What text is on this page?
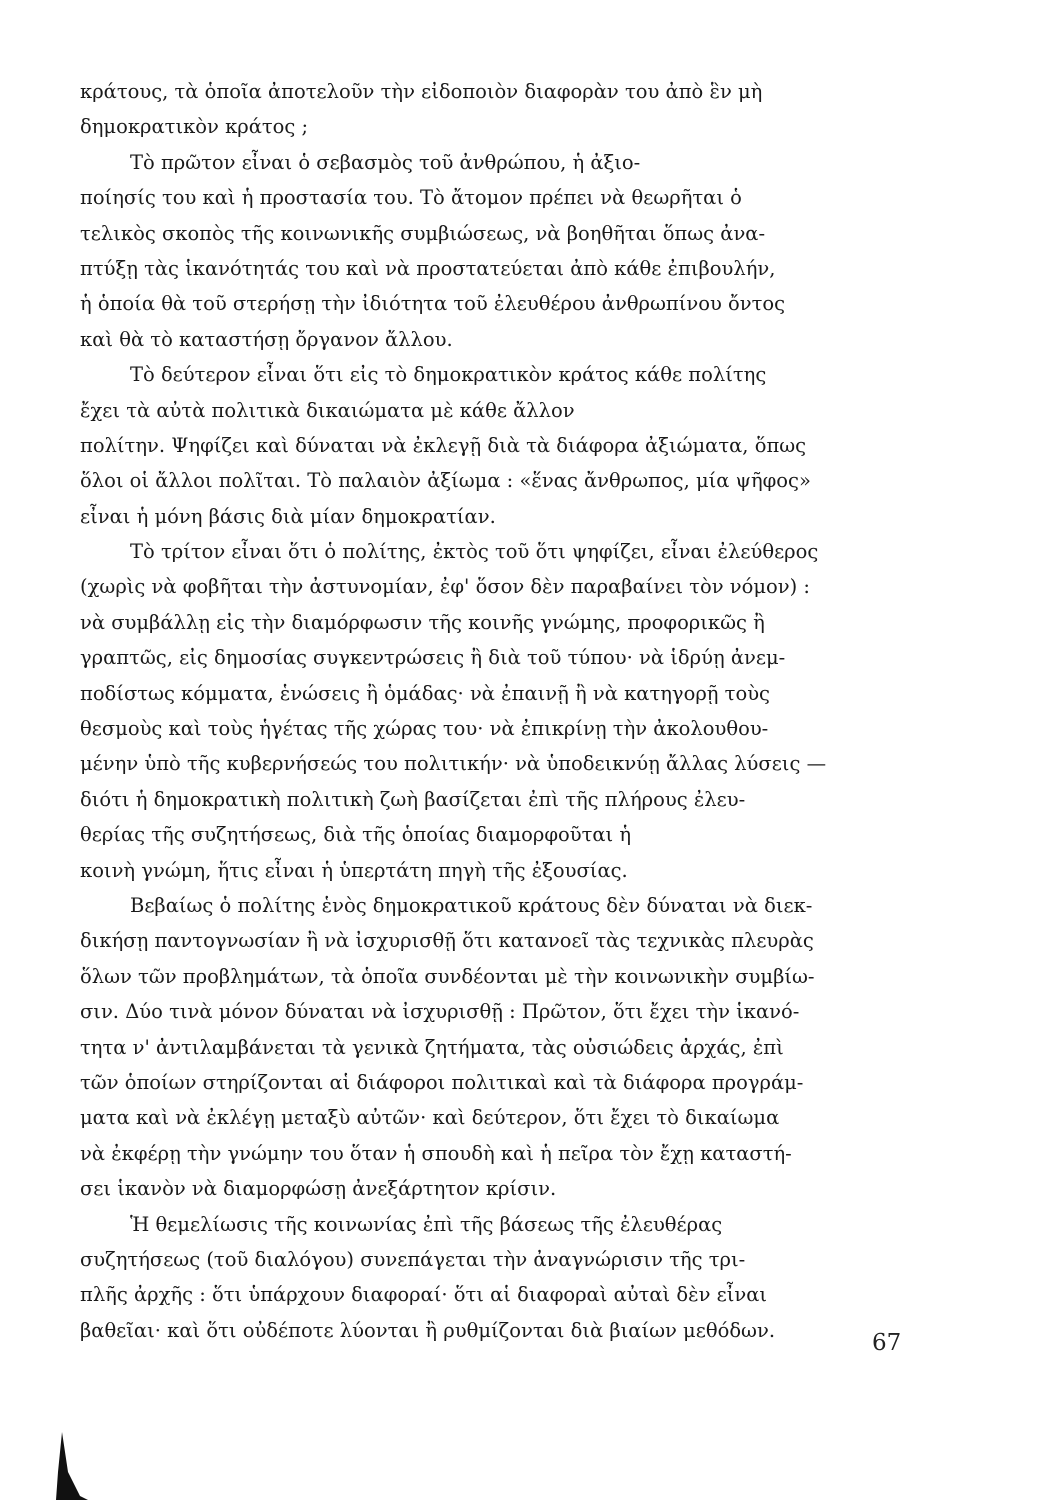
κράτους, τὰ ὁποῖα ἀποτελοῦν τὴν εἰδοποιὸν διαφορὰν του ἀπὸ ἓν μὴ
δημοκρατικὸν κράτος ;
Τὸ πρῶτον εἶναι ὁ σεβασμὸς τοῦ ἀνθρώπου, ἡ ἀξιο-
ποίησίς του καὶ ἡ προστασία του. Τὸ ἄτομον πρέπει νὰ θεωρῆται ὁ
τελικὸς σκοπὸς τῆς κοινωνικῆς συμβιώσεως, νὰ βοηθῆται ὅπως ἀνα-
πτύξῃ τὰς ἱκανότητάς του καὶ νὰ προστατεύεται ἀπὸ κάθε ἐπιβουλήν,
ἡ ὁποία θὰ τοῦ στερήσῃ τὴν ἰδιότητα τοῦ ἐλευθέρου ἀνθρωπίνου ὄντος
καὶ θὰ τὸ καταστήσῃ ὄργανον ἄλλου.
Τὸ δεύτερον εἶναι ὅτι εἰς τὸ δημοκρατικὸν κράτος κάθε πολίτης
ἔχει τὰ αὐτὰ πολιτικὰ δικαιώματα μὲ κάθε ἄλλον
πολίτην. Ψηφίζει καὶ δύναται νὰ ἐκλεγῇ διὰ τὰ διάφορα ἀξιώματα, ὅπως
ὅλοι οἱ ἄλλοι πολῖται. Τὸ παλαιὸν ἀξίωμα : «ἕνας ἄνθρωπος, μία ψῆφος»
εἶναι ἡ μόνη βάσις διὰ μίαν δημοκρατίαν.
Τὸ τρίτον εἶναι ὅτι ὁ πολίτης, ἐκτὸς τοῦ ὅτι ψηφίζει, εἶναι ἐλεύθερος
(χωρὶς νὰ φοβῆται τὴν ἀστυνομίαν, ἐφ' ὅσον δὲν παραβαίνει τὸν νόμον) :
νὰ συμβάλλῃ εἰς τὴν διαμόρφωσιν τῆς κοινῆς γνώμης, προφορικῶς ἢ
γραπτῶς, εἰς δημοσίας συγκεντρώσεις ἢ διὰ τοῦ τύπου· νὰ ἱδρύῃ ἀνεμ-
ποδίστως κόμματα, ἑνώσεις ἢ ὁμάδας· νὰ ἐπαινῇ ἢ νὰ κατηγορῇ τοὺς
θεσμοὺς καὶ τοὺς ἡγέτας τῆς χώρας του· νὰ ἐπικρίνῃ τὴν ἀκολουθου-
μένην ὑπὸ τῆς κυβερνήσεώς του πολιτικήν· νὰ ὑποδεικνύῃ ἄλλας λύσεις —
διότι ἡ δημοκρατικὴ πολιτικὴ ζωὴ βασίζεται ἐπὶ τῆς πλήρους ἐλευ-
θερίας τῆς συζητήσεως, διὰ τῆς ὁποίας διαμορφοῦται ἡ
κοινὴ γνώμη, ἥτις εἶναι ἡ ὑπερτάτη πηγὴ τῆς ἐξουσίας.
Βεβαίως ὁ πολίτης ἑνὸς δημοκρατικοῦ κράτους δὲν δύναται νὰ διεκ-
δικήσῃ παντογνωσίαν ἢ νὰ ἰσχυρισθῇ ὅτι κατανοεῖ τὰς τεχνικὰς πλευρὰς
ὅλων τῶν προβλημάτων, τὰ ὁποῖα συνδέονται μὲ τὴν κοινωνικὴν συμβίω-
σιν. Δύο τινὰ μόνον δύναται νὰ ἰσχυρισθῇ : Πρῶτον, ὅτι ἔχει τὴν ἱκανό-
τητα ν' ἀντιλαμβάνεται τὰ γενικὰ ζητήματα, τὰς οὐσιώδεις ἀρχάς, ἐπὶ
τῶν ὁποίων στηρίζονται αἱ διάφοροι πολιτικαὶ καὶ τὰ διάφορα προγράμ-
ματα καὶ νὰ ἐκλέγῃ μεταξὺ αὐτῶν· καὶ δεύτερον, ὅτι ἔχει τὸ δικαίωμα
νὰ ἐκφέρῃ τὴν γνώμην του ὅταν ἡ σπουδὴ καὶ ἡ πεῖρα τὸν ἔχῃ καταστή-
σει ἱκανὸν νὰ διαμορφώσῃ ἀνεξάρτητον κρίσιν.
Ἡ θεμελίωσις τῆς κοινωνίας ἐπὶ τῆς βάσεως τῆς ἐλευθέρας
συζητήσεως (τοῦ διαλόγου) συνεπάγεται τὴν ἀναγνώρισιν τῆς τρι-
πλῆς ἀρχῆς : ὅτι ὑπάρχουν διαφοραί· ὅτι αἱ διαφοραὶ αὐταὶ δὲν εἶναι
βαθεῖαι· καὶ ὅτι οὐδέποτε λύονται ἢ ρυθμίζονται διὰ βιαίων μεθόδων.	67
